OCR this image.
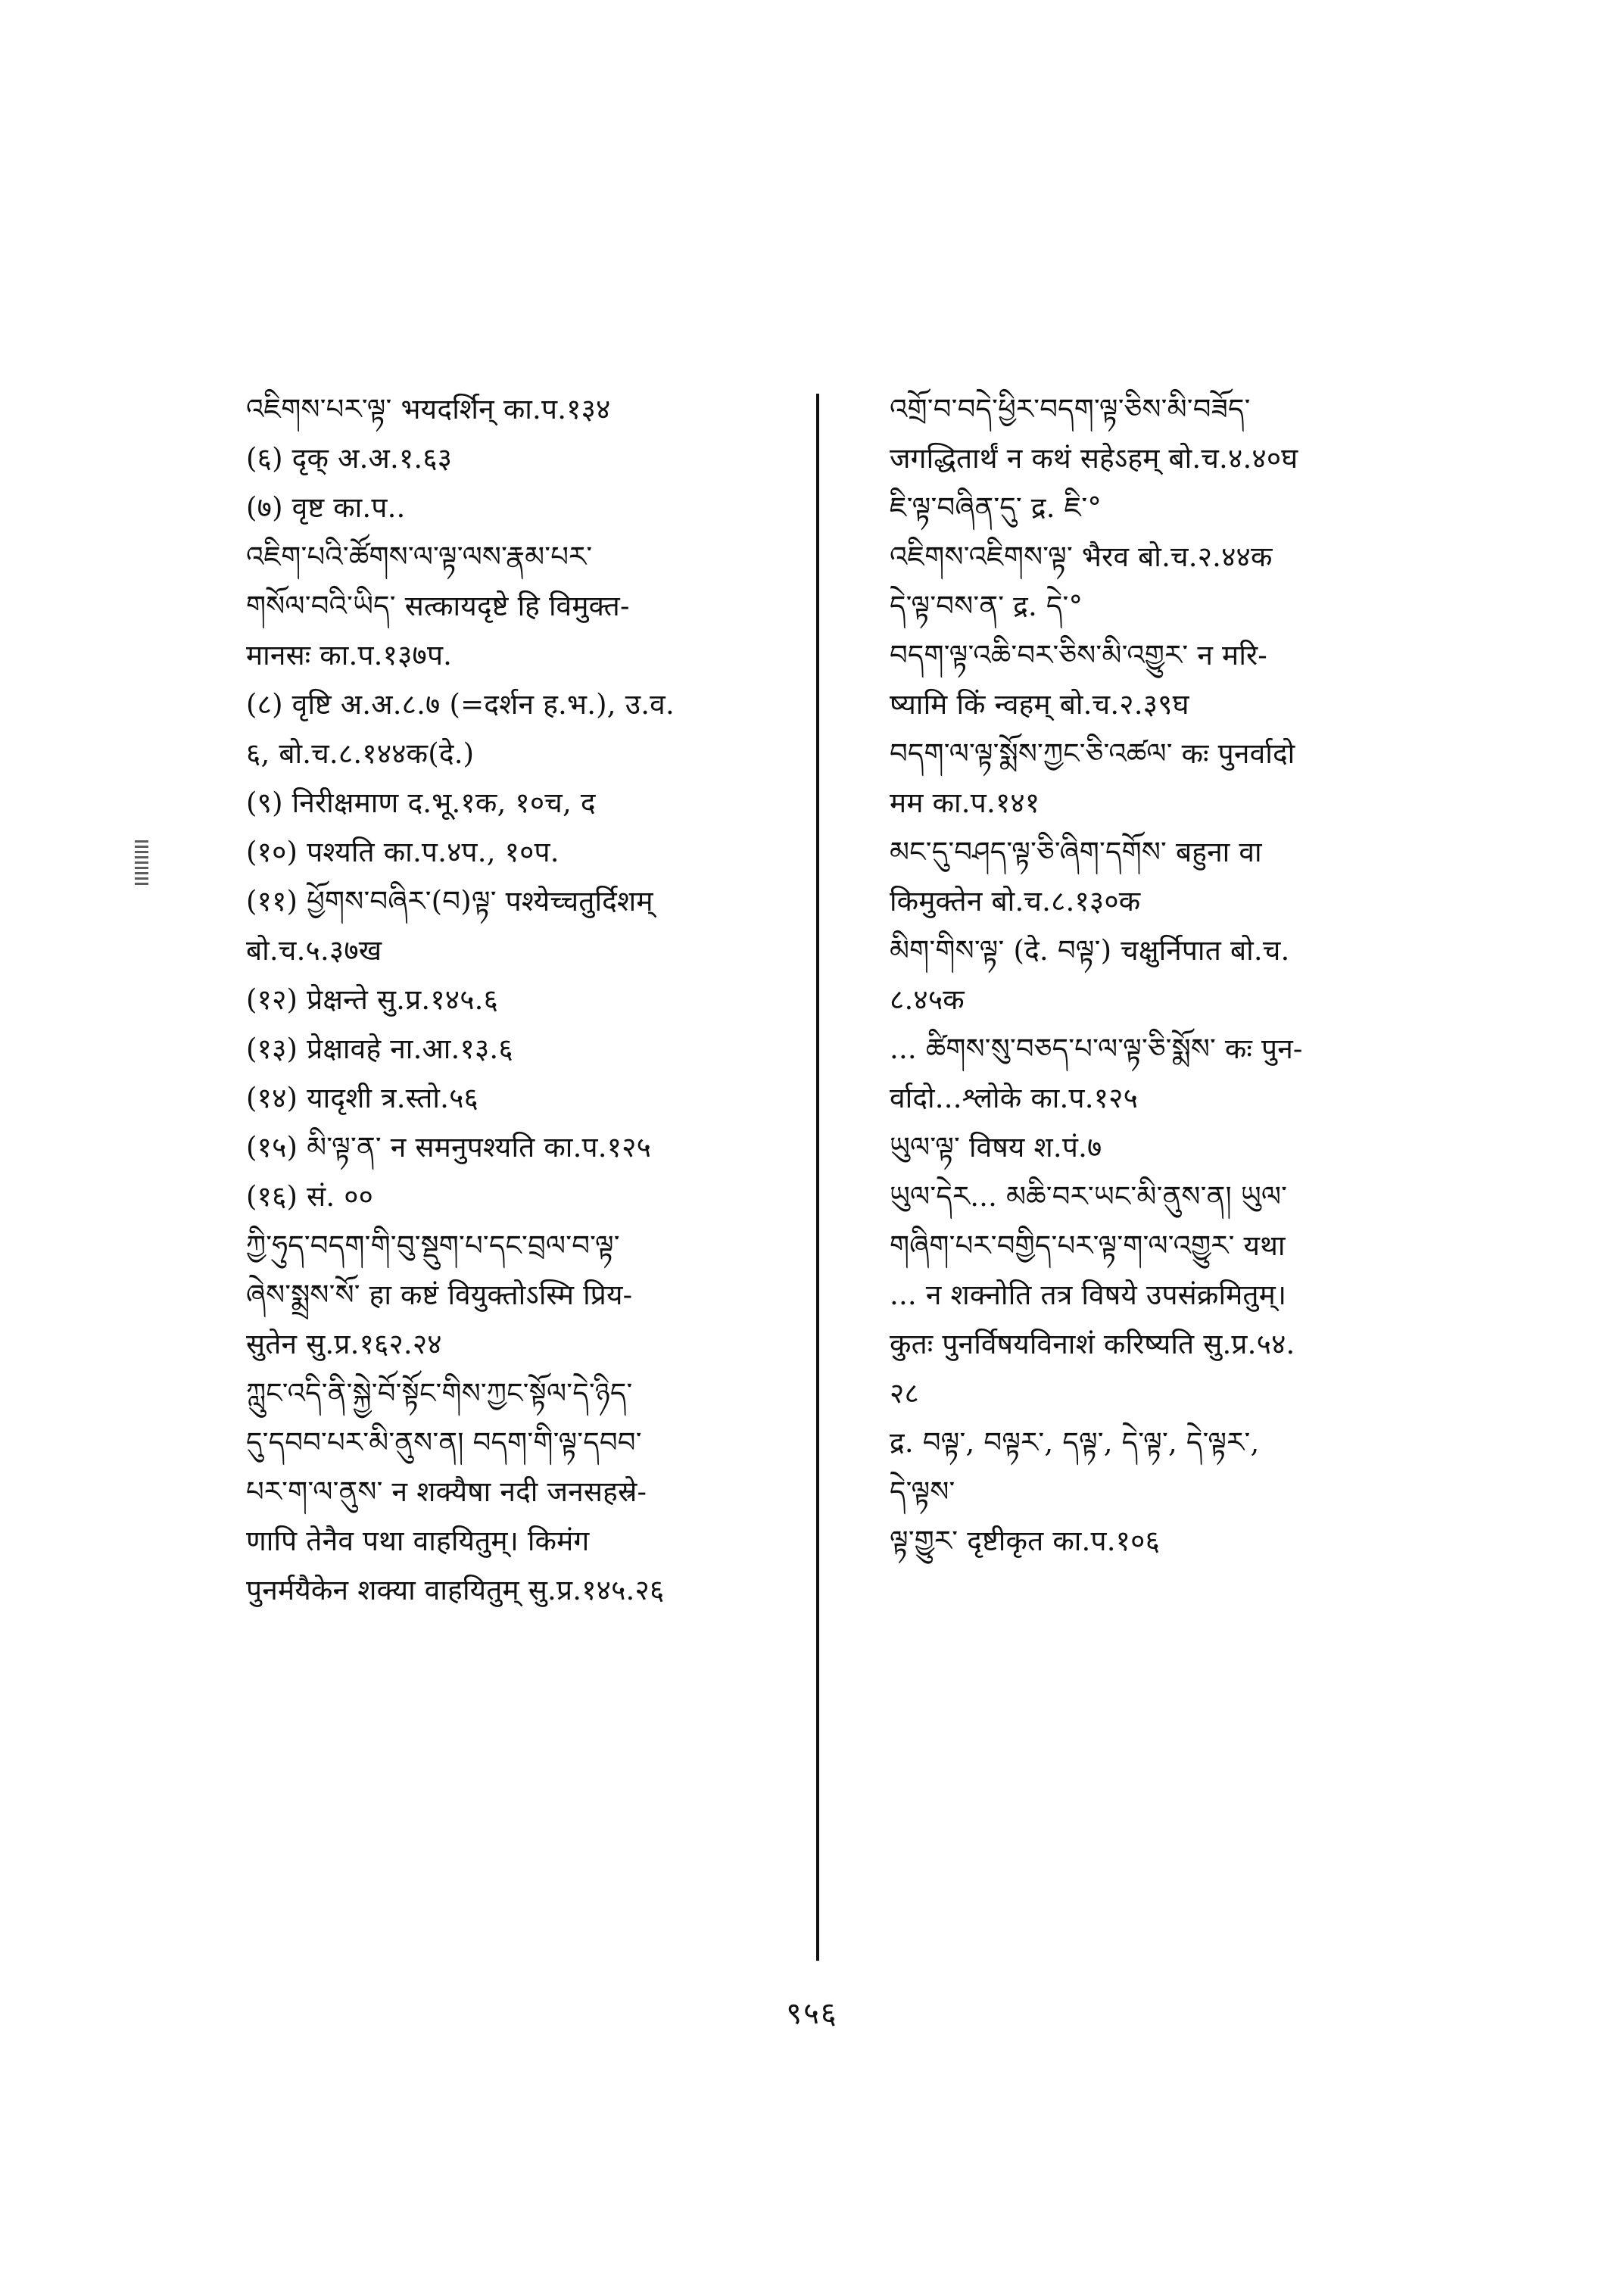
འཇིགས་པར་ལྟ་ भयदर्शिन् का.प.१३४
(६) दृक् अ.अ.१.६३
(७) वृष्ट का.प..
འཇིག་པའི་ཚོགས་ལ་ལྟ་ལས་རྣམ་པར་
གསོལ་བའི་ཡིད་ सत्कायदृष्टे हि विमुक्त-
मानसः का.प.१३७प.
(८) वृष्टि अ.अ.८.७ (=दर्शन ह.भ.), उ.व.
६, बो.च.८.१४४क(दे.)
(९) निरीक्षमाण द.भू.१क, १०च, द
(१०) पश्यति का.प.४प., १०प.
(११) ཕྱོགས་བཞིར་(བ)ལྟ་ पश्येच्चतुर्दिशम्
बो.च.५.३७ख
(१२) प्रेक्षन्ते सु.प्र.१४५.६
(१३) प्रेक्षावहे ना.आ.१३.६
(१४) यादृशी त्र.स्तो.५६
(१५) མི་ལྟ་ན་ न समनुपश्यति का.प.१२५
(१६) सं. ००
ཀྱི་ཧུད་བདག་གི་བུ་སྡུག་པ་དང་བྲལ་བ་ལྟ་
ཞེས་སྨྲས་སོ་ हा कष्टं वियुक्तोऽस्मि प्रिय-
सुतेन सु.प्र.१६२.२४
ཀླུང་འདི་ནི་སྐྱེ་བོ་སྟོང་གིས་ཀྱང་སྟོལ་དེ་ཉིད་
དུ་དབབ་པར་མི་ནུས་ན། བདག་གི་ལྟ་དབབ་
པར་ག་ལ་ནུས་ न शक्यैषा नदी जनसहस्रे-
णापि तेनैव पथा वाहयितुम्। किमंग
पुनर्मयैकेन शक्या वाहयितुम् सु.प्र.१४५.२६
འགྲོ་བ་བདེ་ཕྱིར་བདག་ལྟ་ཅིས་མི་བཟོད་
जगद्धितार्थं न कथं सहेऽहम् बो.च.४.४०घ
ཇི་ལྟ་བཞིན་དུ་ द्र. ཇི་°
འཇིགས་འཇིགས་ལྟ་ भैरव बो.च.२.४४क
དེ་ལྟ་བས་ན་ द्र. དེ་°
བདག་ལྟ་འཆི་བར་ཅིས་མི་འགྱུར་ न मरि-
ष्यामि किं न्वहम् बो.च.२.३९घ
བདག་ལ་ལྟ་སྨོས་ཀྱང་ཅི་འཚལ་ कः पुनर्वादो
मम का.प.१४१
མང་དུ་བཤད་ལྟ་ཅི་ཞིག་དགོས་ बहुना वा
किमुक्तेन बो.च.८.१३०क
མིག་གིས་ལྟ་ (दे. བལྟ་) चक्षुर्निपात बो.च.
८.४५क
... ཚིགས་སུ་བཅད་པ་ལ་ལྟ་ཅི་སྨོས་ कः पुन-
र्वादो...श्लोके का.प.१२५
ཡུལ་ལྟ་ विषय श.पं.७
ཡུལ་དེར... མཆི་བར་ཡང་མི་ནུས་ན། ཡུལ་
གཞིག་པར་བགྱིད་པར་ལྟ་ག་ལ་འགྱུར་ यथा
... न शक्नोति तत्र विषये उपसंक्रमितुम्।
कुतः पुनर्विषयविनाशं करिष्यति सु.प्र.५४.
२८
द्र. བལྟ་, བལྟར་, དལྟ་, དེ་ལྟ་, དེ་ལྟར་,
དེ་ལྟས་
ལྟ་གྱུར་ दृष्टीकृत का.प.१०६
९५६
